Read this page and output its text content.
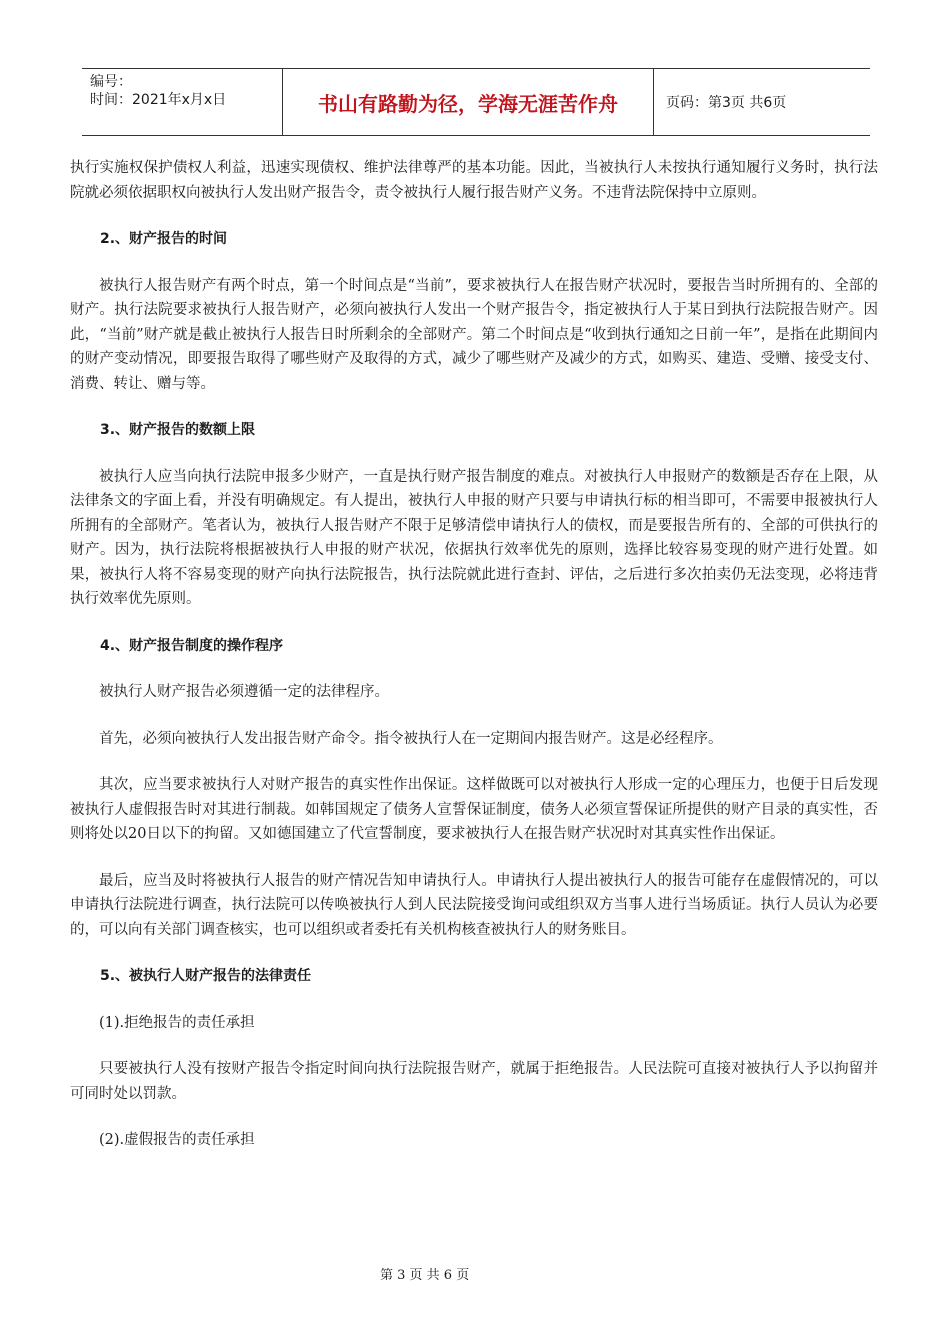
编号：
时间：2021年x月x日	书山有路勤为径，学海无涯苦作舟	页码：第3页 共6页

执行实施权保护债权人利益，迅速实现债权、维护法律尊严的基本功能。因此，当被执行人未按执行通知履行义务时，执行法院就必须依据职权向被执行人发出财产报告令，责令被执行人履行报告财产义务。不违背法院保持中立原则。

2.、财产报告的时间

被执行人报告财产有两个时点，第一个时间点是“当前”，要求被执行人在报告财产状况时，要报告当时所拥有的、全部的财产。执行法院要求被执行人报告财产，必须向被执行人发出一个财产报告令，指定被执行人于某日到执行法院报告财产。因此，“当前”财产就是截止被执行人报告日时所剩余的全部财产。第二个时间点是“收到执行通知之日前一年”，是指在此期间内的财产变动情况，即要报告取得了哪些财产及取得的方式，减少了哪些财产及减少的方式，如购买、建造、受赠、接受支付、消费、转让、赠与等。

3.、财产报告的数额上限

被执行人应当向执行法院申报多少财产，一直是执行财产报告制度的难点。对被执行人申报财产的数额是否存在上限，从法律条文的字面上看，并没有明确规定。有人提出，被执行人申报的财产只要与申请执行标的相当即可，不需要申报被执行人所拥有的全部财产。笔者认为，被执行人报告财产不限于足够清偿申请执行人的债权，而是要报告所有的、全部的可供执行的财产。因为，执行法院将根据被执行人申报的财产状况，依据执行效率优先的原则，选择比较容易变现的财产进行处置。如果，被执行人将不容易变现的财产向执行法院报告，执行法院就此进行查封、评估，之后进行多次拍卖仍无法变现，必将违背执行效率优先原则。

4.、财产报告制度的操作程序

被执行人财产报告必须遵循一定的法律程序。

首先，必须向被执行人发出报告财产命令。指令被执行人在一定期间内报告财产。这是必经程序。

其次，应当要求被执行人对财产报告的真实性作出保证。这样做既可以对被执行人形成一定的心理压力，也便于日后发现被执行人虚假报告时对其进行制裁。如韩国规定了债务人宣誓保证制度，债务人必须宣誓保证所提供的财产目录的真实性，否则将处以20日以下的拘留。又如德国建立了代宣誓制度，要求被执行人在报告财产状况时对其真实性作出保证。

最后，应当及时将被执行人报告的财产情况告知申请执行人。申请执行人提出被执行人的报告可能存在虚假情况的，可以申请执行法院进行调查，执行法院可以传唤被执行人到人民法院接受询问或组织双方当事人进行当场质证。执行人员认为必要的，可以向有关部门调查核实，也可以组织或者委托有关机构核查被执行人的财务账目。

5.、被执行人财产报告的法律责任

(1).拒绝报告的责任承担

只要被执行人没有按财产报告令指定时间向执行法院报告财产，就属于拒绝报告。人民法院可直接对被执行人予以拘留并可同时处以罚款。

(2).虚假报告的责任承担

第 3 页 共 6 页
